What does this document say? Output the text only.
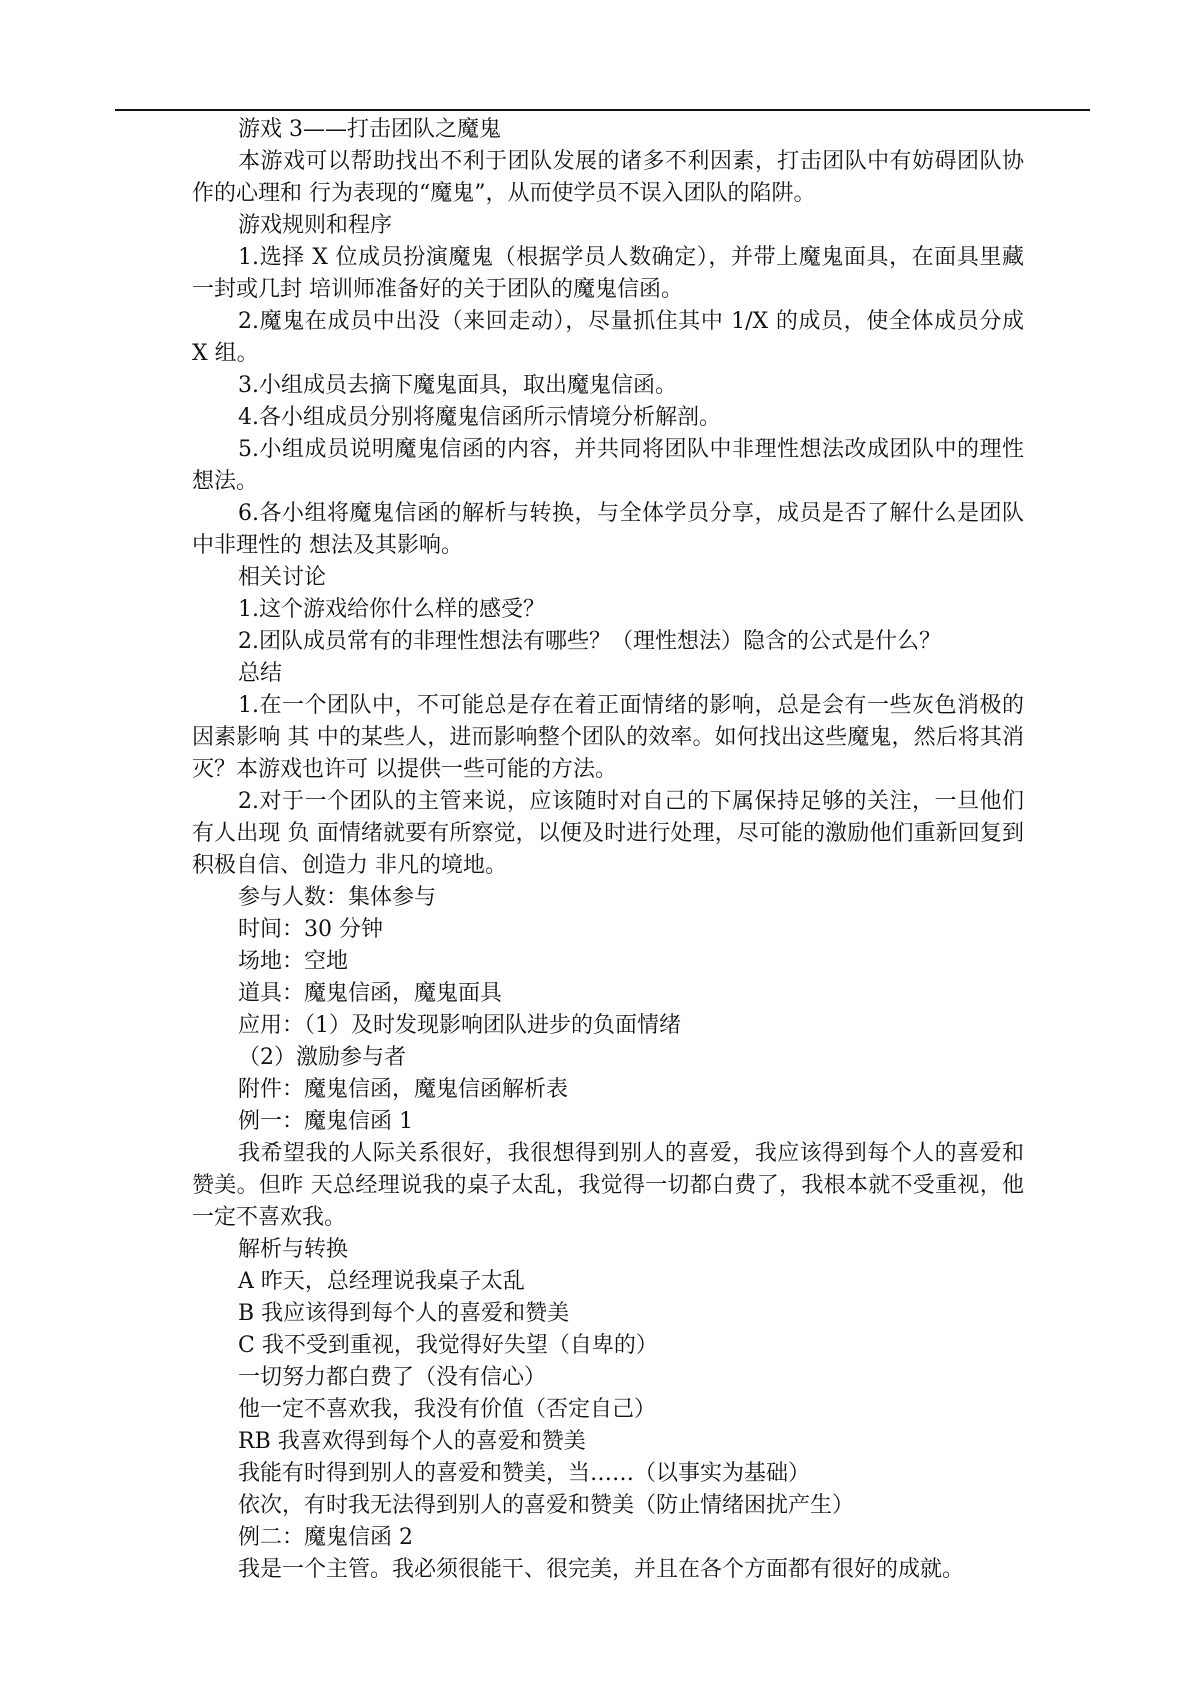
游戏 3——打击团队之魔鬼

本游戏可以帮助找出不利于团队发展的诸多不利因素，打击团队中有妨碍团队协作的心理和 行为表现的“魔鬼”，从而使学员不误入团队的陷阱。

游戏规则和程序

1.选择 X 位成员扮演魔鬼（根据学员人数确定），并带上魔鬼面具，在面具里藏一封或几封 培训师准备好的关于团队的魔鬼信函。

2.魔鬼在成员中出没（来回走动），尽量抓住其中 1/X 的成员，使全体成员分成 X 组。

3.小组成员去摘下魔鬼面具，取出魔鬼信函。

4.各小组成员分别将魔鬼信函所示情境分析解剖。

5.小组成员说明魔鬼信函的内容，并共同将团队中非理性想法改成团队中的理性想法。

6.各小组将魔鬼信函的解析与转换，与全体学员分享，成员是否了解什么是团队中非理性的 想法及其影响。

相关讨论

1.这个游戏给你什么样的感受？

2.团队成员常有的非理性想法有哪些？（理性想法）隐含的公式是什么？

总结

1.在一个团队中，不可能总是存在着正面情绪的影响，总是会有一些灰色消极的因素影响 其 中的某些人，进而影响整个团队的效率。如何找出这些魔鬼，然后将其消灭？本游戏也许可 以提供一些可能的方法。

2.对于一个团队的主管来说，应该随时对自己的下属保持足够的关注，一旦他们有人出现 负 面情绪就要有所察觉，以便及时进行处理，尽可能的激励他们重新回复到积极自信、创造力 非凡的境地。

参与人数：集体参与

时间：30 分钟

场地：空地

道具：魔鬼信函，魔鬼面具

应用：（1）及时发现影响团队进步的负面情绪

（2）激励参与者

附件：魔鬼信函，魔鬼信函解析表

例一：魔鬼信函 1

我希望我的人际关系很好，我很想得到别人的喜爱，我应该得到每个人的喜爱和赞美。但昨 天总经理说我的桌子太乱，我觉得一切都白费了，我根本就不受重视，他一定不喜欢我。

解析与转换

A 昨天，总经理说我桌子太乱

B 我应该得到每个人的喜爱和赞美

C 我不受到重视，我觉得好失望（自卑的）

一切努力都白费了（没有信心）

他一定不喜欢我，我没有价值（否定自己）

RB 我喜欢得到每个人的喜爱和赞美

我能有时得到别人的喜爱和赞美，当……（以事实为基础）

依次，有时我无法得到别人的喜爱和赞美（防止情绪困扰产生）

例二：魔鬼信函 2

我是一个主管。我必须很能干、很完美，并且在各个方面都有很好的成就。
